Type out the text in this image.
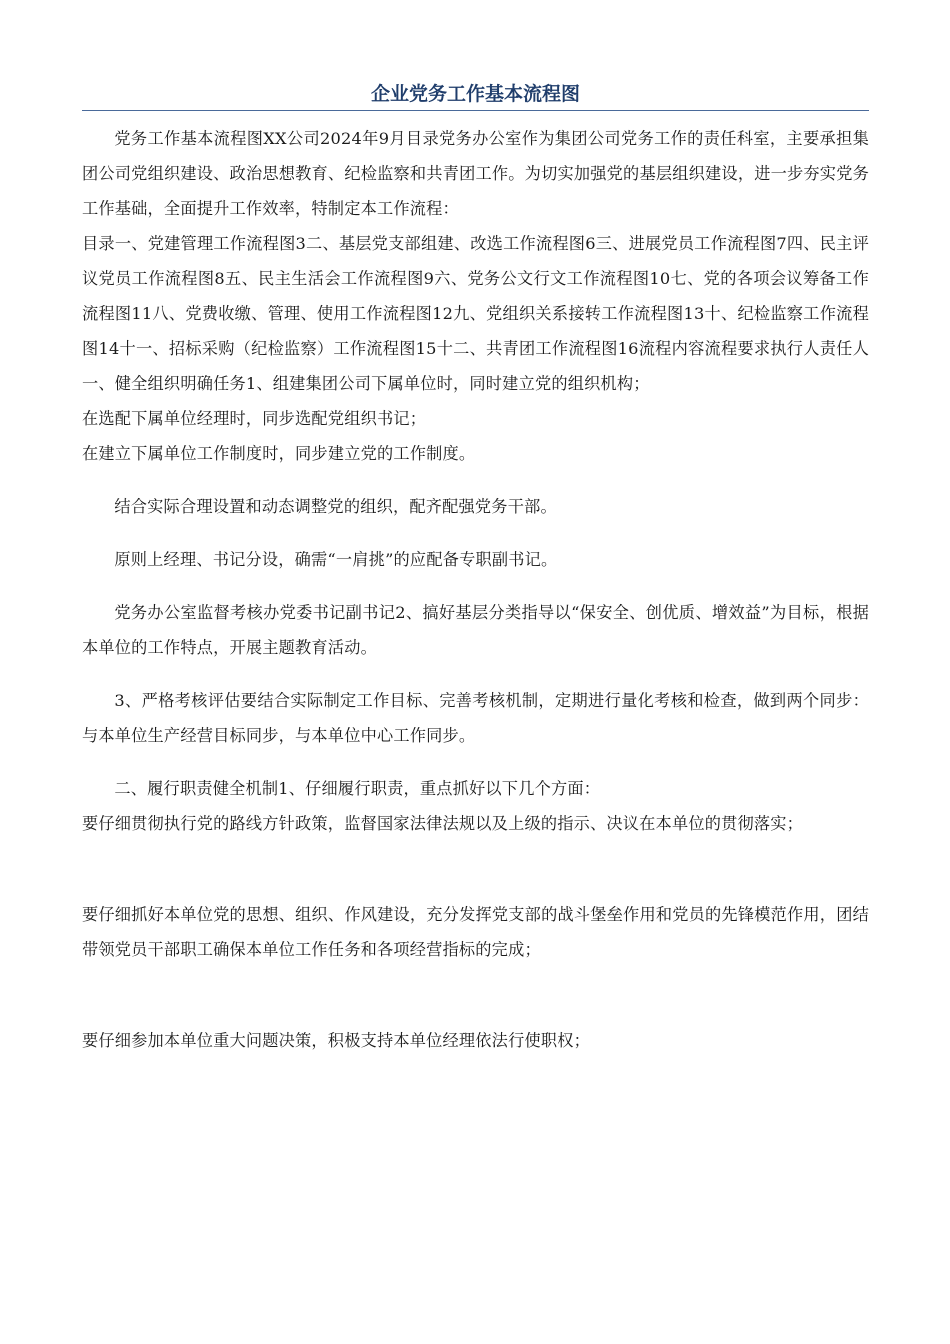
企业党务工作基本流程图

党务工作基本流程图XX公司2024年9月目录党务办公室作为集团公司党务工作的责任科室，主要承担集团公司党组织建设、政治思想教育、纪检监察和共青团工作。为切实加强党的基层组织建设，进一步夯实党务工作基础，全面提升工作效率，特制定本工作流程：

目录一、党建管理工作流程图3二、基层党支部组建、改选工作流程图6三、进展党员工作流程图7四、民主评议党员工作流程图8五、民主生活会工作流程图9六、党务公文行文工作流程图10七、党的各项会议筹备工作流程图11八、党费收缴、管理、使用工作流程图12九、党组织关系接转工作流程图13十、纪检监察工作流程图14十一、招标采购（纪检监察）工作流程图15十二、共青团工作流程图16流程内容流程要求执行人责任人一、健全组织明确任务1、组建集团公司下属单位时，同时建立党的组织机构；

在选配下属单位经理时，同步选配党组织书记；

在建立下属单位工作制度时，同步建立党的工作制度。

结合实际合理设置和动态调整党的组织，配齐配强党务干部。

原则上经理、书记分设，确需“一肩挑”的应配备专职副书记。

党务办公室监督考核办党委书记副书记2、搞好基层分类指导以“保安全、创优质、增效益”为目标，根据本单位的工作特点，开展主题教育活动。

3、严格考核评估要结合实际制定工作目标、完善考核机制，定期进行量化考核和检查，做到两个同步：与本单位生产经营目标同步，与本单位中心工作同步。

二、履行职责健全机制1、仔细履行职责，重点抓好以下几个方面：

要仔细贯彻执行党的路线方针政策，监督国家法律法规以及上级的指示、决议在本单位的贯彻落实；

要仔细抓好本单位党的思想、组织、作风建设，充分发挥党支部的战斗堡垒作用和党员的先锋模范作用，团结带领党员干部职工确保本单位工作任务和各项经营指标的完成；

要仔细参加本单位重大问题决策，积极支持本单位经理依法行使职权；
